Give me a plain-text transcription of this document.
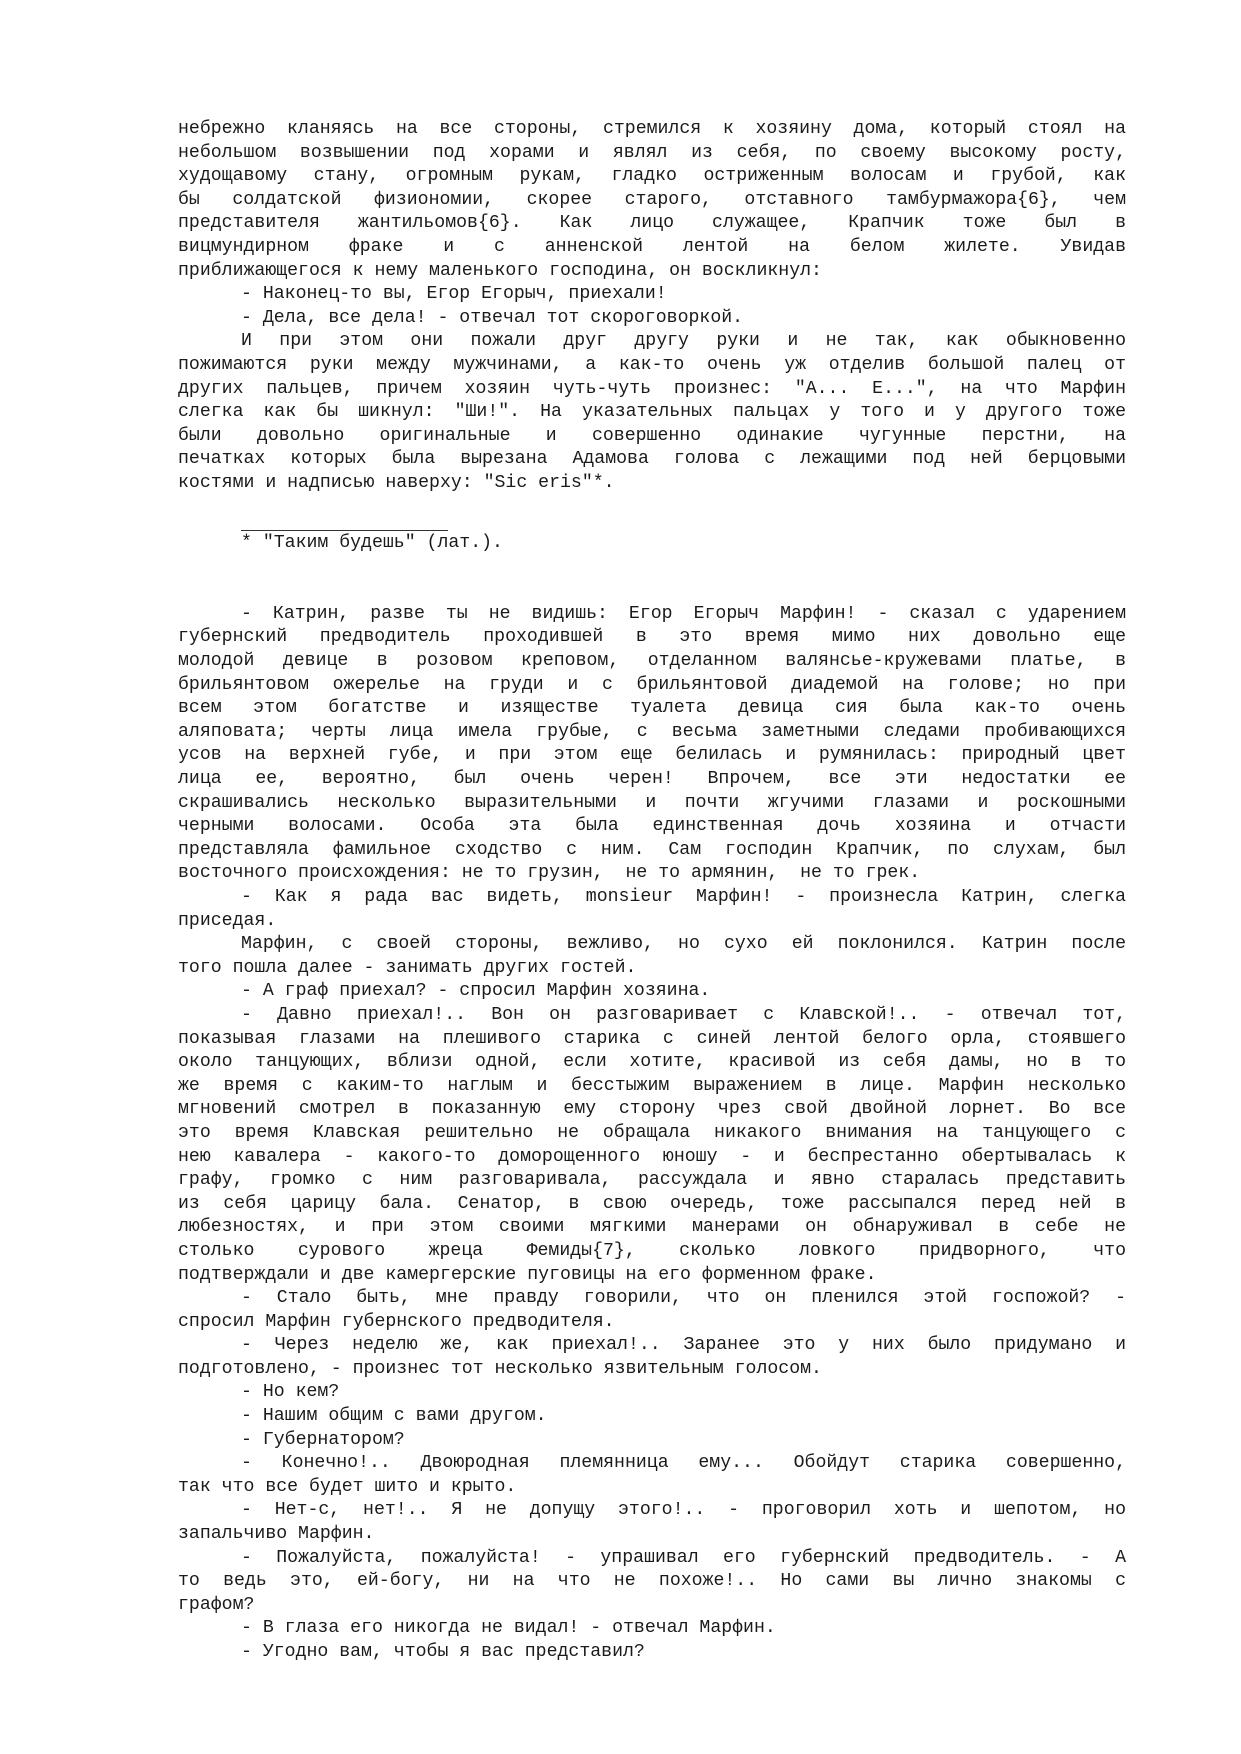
небрежно кланяясь на все стороны, стремился к хозяину дома, который стоял на
небольшом возвышении под хорами и являл из себя, по своему высокому росту,
худощавому стану, огромным рукам, гладко остриженным волосам и грубой, как
бы солдатской физиономии, скорее старого, отставного тамбурмажора{6}, чем
представителя жантильомов{6}. Как лицо служащее, Крапчик тоже был в
вицмундирном фраке и с анненской лентой на белом жилете. Увидав
приближающегося к нему маленького господина, он воскликнул:
- Наконец-то вы, Егор Егорыч, приехали!
- Дела, все дела! - отвечал тот скороговоркой.
И при этом они пожали друг другу руки и не так, как обыкновенно
пожимаются руки между мужчинами, а как-то очень уж отделив большой палец от
других пальцев, причем хозяин чуть-чуть произнес: "А... Е...", на что Марфин
слегка как бы шикнул: "Ши!". На указательных пальцах у того и у другого тоже
были довольно оригинальные и совершенно одинакие чугунные перстни, на
печатках которых была вырезана Адамова голова с лежащими под ней берцовыми
костями и надписью наверху: "Sic eris"*.
* "Таким будешь" (лат.).
- Катрин, разве ты не видишь: Егор Егорыч Марфин! - сказал с ударением
губернский предводитель проходившей в это время мимо них довольно еще
молодой девице в розовом креповом, отделанном валянсье-кружевами платье, в
брильянтовом ожерелье на груди и с брильянтовой диадемой на голове; но при
всем этом богатстве и изяществе туалета девица сия была как-то очень
аляповата; черты лица имела грубые, с весьма заметными следами пробивающихся
усов на верхней губе, и при этом еще белилась и румянилась: природный цвет
лица ее, вероятно, был очень черен! Впрочем, все эти недостатки ее
скрашивались несколько выразительными и почти жгучими глазами и роскошными
черными волосами. Особа эта была единственная дочь хозяина и отчасти
представляла фамильное сходство с ним. Сам господин Крапчик, по слухам, был
восточного происхождения: не то грузин,  не то армянин,  не то грек.
- Как я рада вас видеть, monsieur Марфин! - произнесла Катрин, слегка
приседая.
Марфин, с своей стороны, вежливо, но сухо ей поклонился. Катрин после
того пошла далее - занимать других гостей.
- А граф приехал? - спросил Марфин хозяина.
- Давно приехал!.. Вон он разговаривает с Клавской!.. - отвечал тот,
показывая глазами на плешивого старика с синей лентой белого орла, стоявшего
около танцующих, вблизи одной, если хотите, красивой из себя дамы, но в то
же время с каким-то наглым и бесстыжим выражением в лице. Марфин несколько
мгновений смотрел в показанную ему сторону чрез свой двойной лорнет. Во все
это время Клавская решительно не обращала никакого внимания на танцующего с
нею кавалера - какого-то доморощенного юношу - и беспрестанно обертывалась к
графу, громко с ним разговаривала, рассуждала и явно старалась представить
из себя царицу бала. Сенатор, в свою очередь, тоже рассыпался перед ней в
любезностях, и при этом своими мягкими манерами он обнаруживал в себе не
столько сурового жреца Фемиды{7}, сколько ловкого придворного, что
подтверждали и две камергерские пуговицы на его форменном фраке.
- Стало быть, мне правду говорили, что он пленился этой госпожой? -
спросил Марфин губернского предводителя.
- Через неделю же, как приехал!.. Заранее это у них было придумано и
подготовлено, - произнес тот несколько язвительным голосом.
- Но кем?
- Нашим общим с вами другом.
- Губернатором?
- Конечно!.. Двоюродная племянница ему... Обойдут старика совершенно,
так что все будет шито и крыто.
- Нет-с, нет!.. Я не допущу этого!.. - проговорил хоть и шепотом, но
запальчиво Марфин.
- Пожалуйста, пожалуйста! - упрашивал его губернский предводитель. - А
то ведь это, ей-богу, ни на что не похоже!.. Но сами вы лично знакомы с
графом?
- В глаза его никогда не видал! - отвечал Марфин.
- Угодно вам, чтобы я вас представил?
